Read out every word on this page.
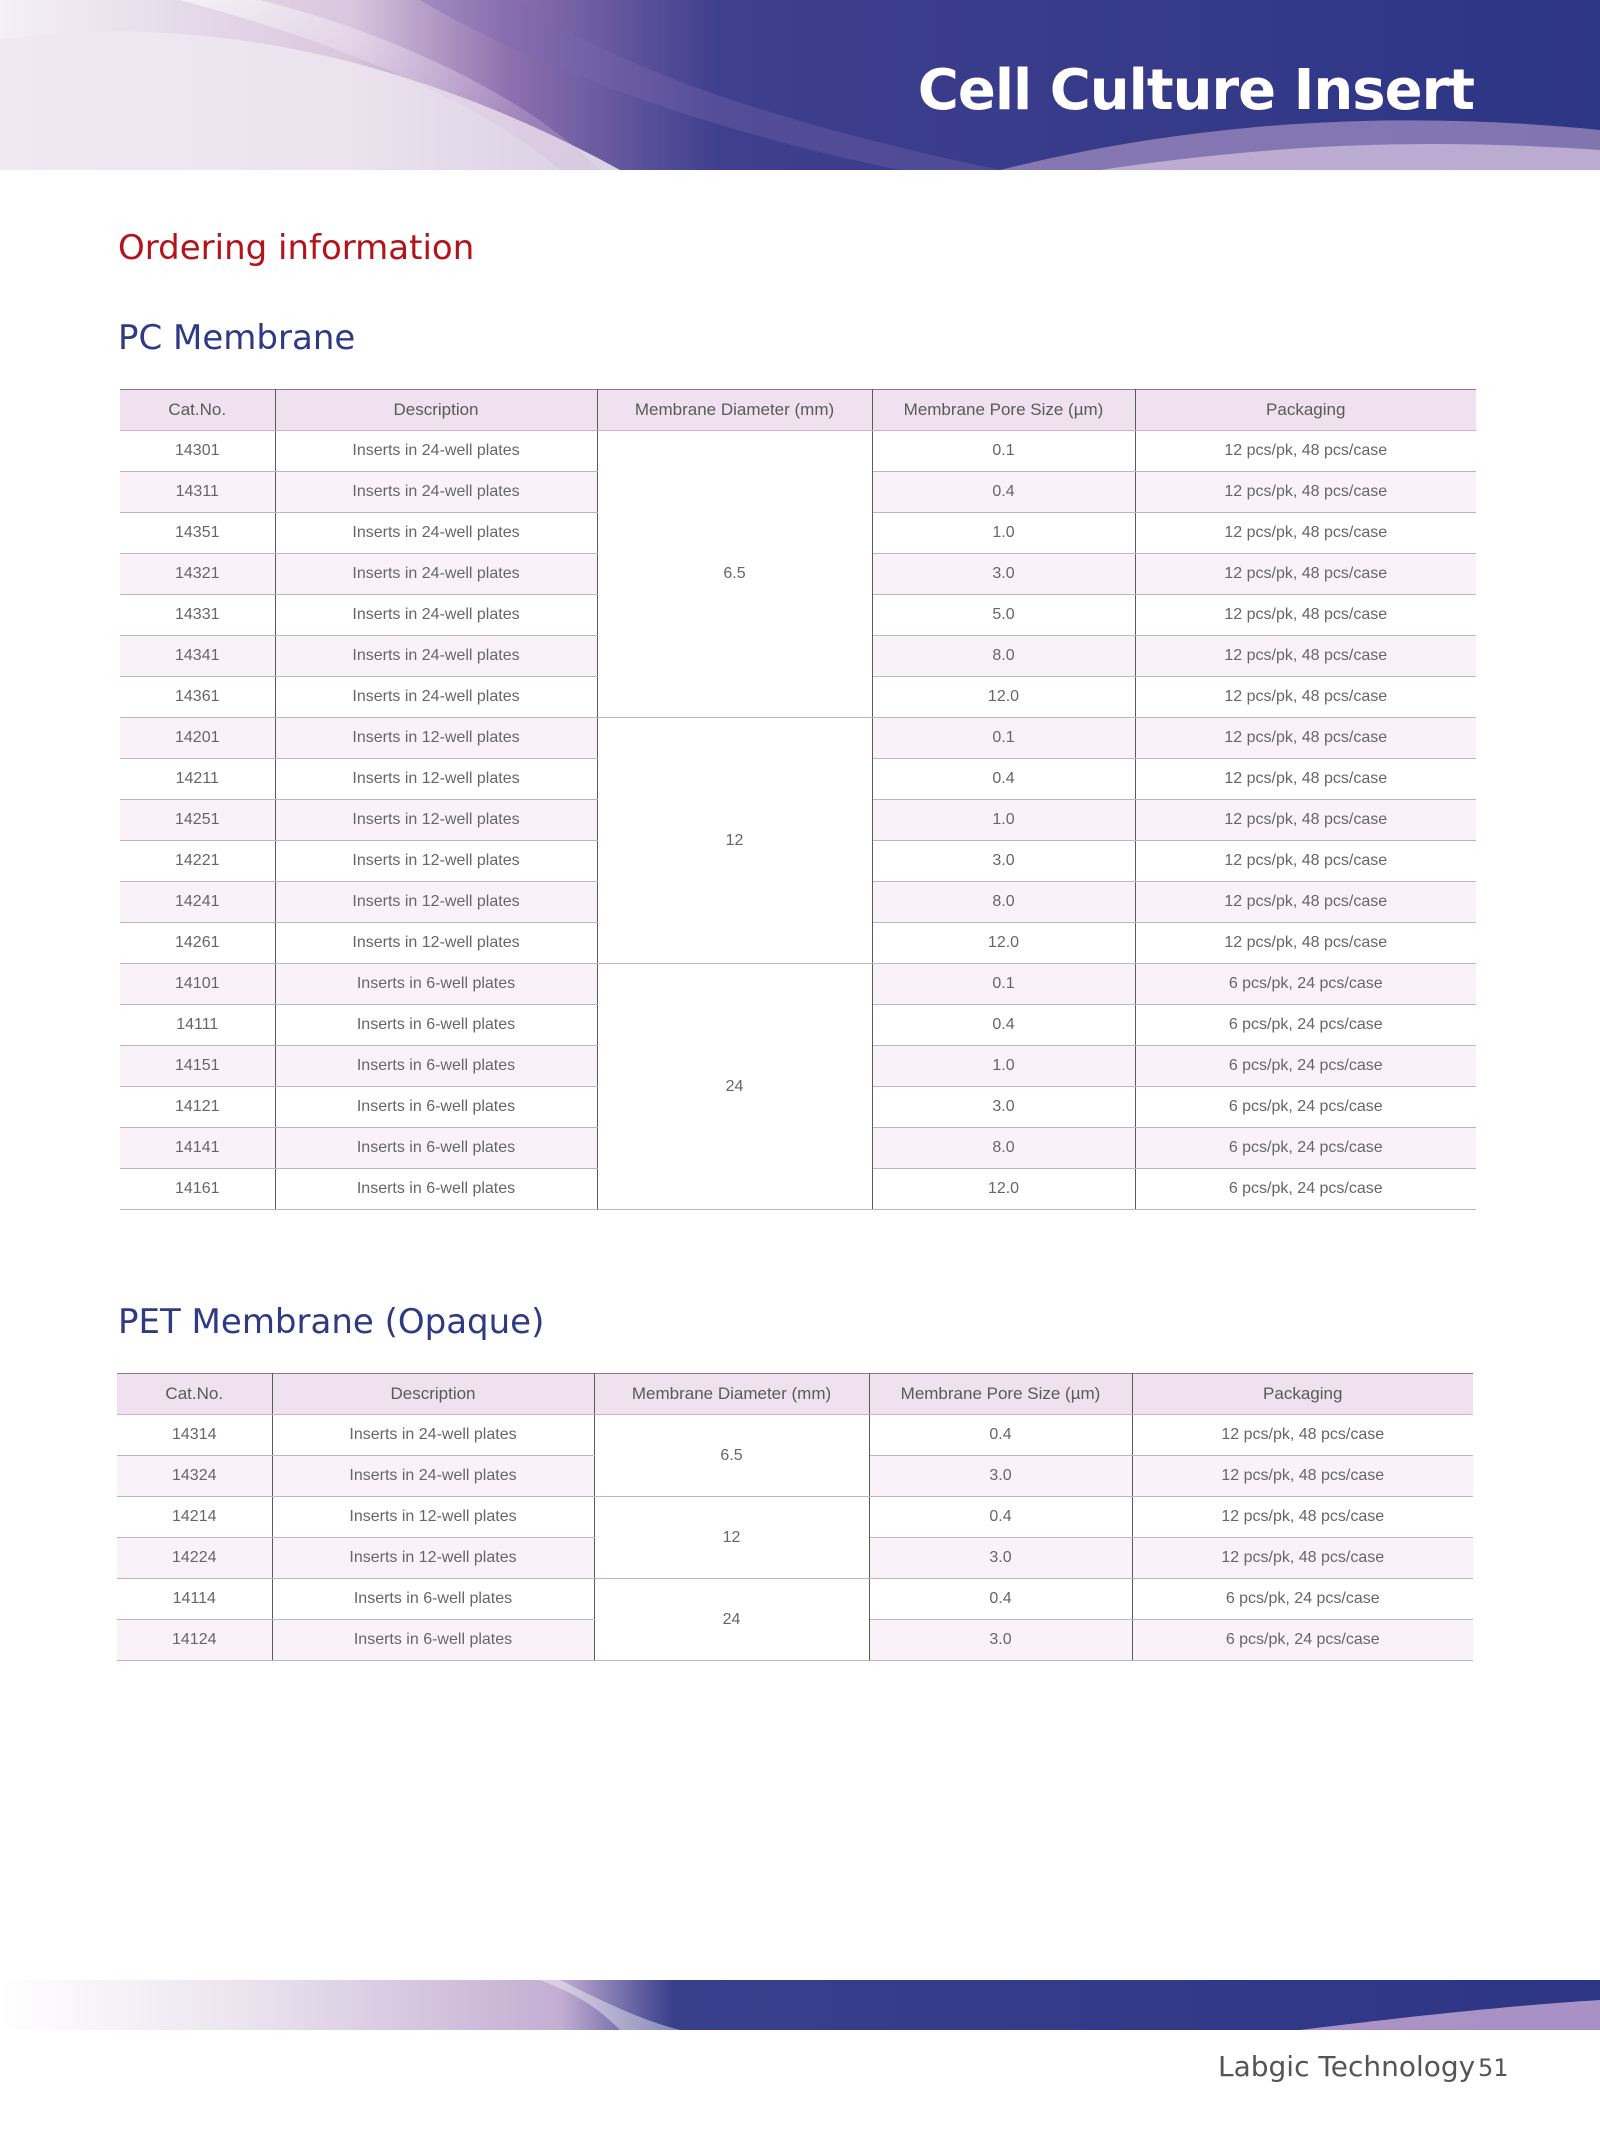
Cell Culture Insert
Ordering information
PC Membrane
Cat.No.	Description	Membrane Diameter (mm)	Membrane Pore Size (µm)	Packaging
14301	Inserts in 24-well plates	6.5	0.1	12 pcs/pk, 48 pcs/case
14311	Inserts in 24-well plates		0.4	12 pcs/pk, 48 pcs/case
14351	Inserts in 24-well plates		1.0	12 pcs/pk, 48 pcs/case
14321	Inserts in 24-well plates		3.0	12 pcs/pk, 48 pcs/case
14331	Inserts in 24-well plates		5.0	12 pcs/pk, 48 pcs/case
14341	Inserts in 24-well plates		8.0	12 pcs/pk, 48 pcs/case
14361	Inserts in 24-well plates		12.0	12 pcs/pk, 48 pcs/case
14201	Inserts in 12-well plates	12	0.1	12 pcs/pk, 48 pcs/case
14211	Inserts in 12-well plates		0.4	12 pcs/pk, 48 pcs/case
14251	Inserts in 12-well plates		1.0	12 pcs/pk, 48 pcs/case
14221	Inserts in 12-well plates		3.0	12 pcs/pk, 48 pcs/case
14241	Inserts in 12-well plates		8.0	12 pcs/pk, 48 pcs/case
14261	Inserts in 12-well plates		12.0	12 pcs/pk, 48 pcs/case
14101	Inserts in 6-well plates	24	0.1	6 pcs/pk, 24 pcs/case
14111	Inserts in 6-well plates		0.4	6 pcs/pk, 24 pcs/case
14151	Inserts in 6-well plates		1.0	6 pcs/pk, 24 pcs/case
14121	Inserts in 6-well plates		3.0	6 pcs/pk, 24 pcs/case
14141	Inserts in 6-well plates		8.0	6 pcs/pk, 24 pcs/case
14161	Inserts in 6-well plates		12.0	6 pcs/pk, 24 pcs/case
PET Membrane (Opaque)
Cat.No.	Description	Membrane Diameter (mm)	Membrane Pore Size (µm)	Packaging
14314	Inserts in 24-well plates	6.5	0.4	12 pcs/pk, 48 pcs/case
14324	Inserts in 24-well plates		3.0	12 pcs/pk, 48 pcs/case
14214	Inserts in 12-well plates	12	0.4	12 pcs/pk, 48 pcs/case
14224	Inserts in 12-well plates		3.0	12 pcs/pk, 48 pcs/case
14114	Inserts in 6-well plates	24	0.4	6 pcs/pk, 24 pcs/case
14124	Inserts in 6-well plates		3.0	6 pcs/pk, 24 pcs/case
Labgic Technology 51
